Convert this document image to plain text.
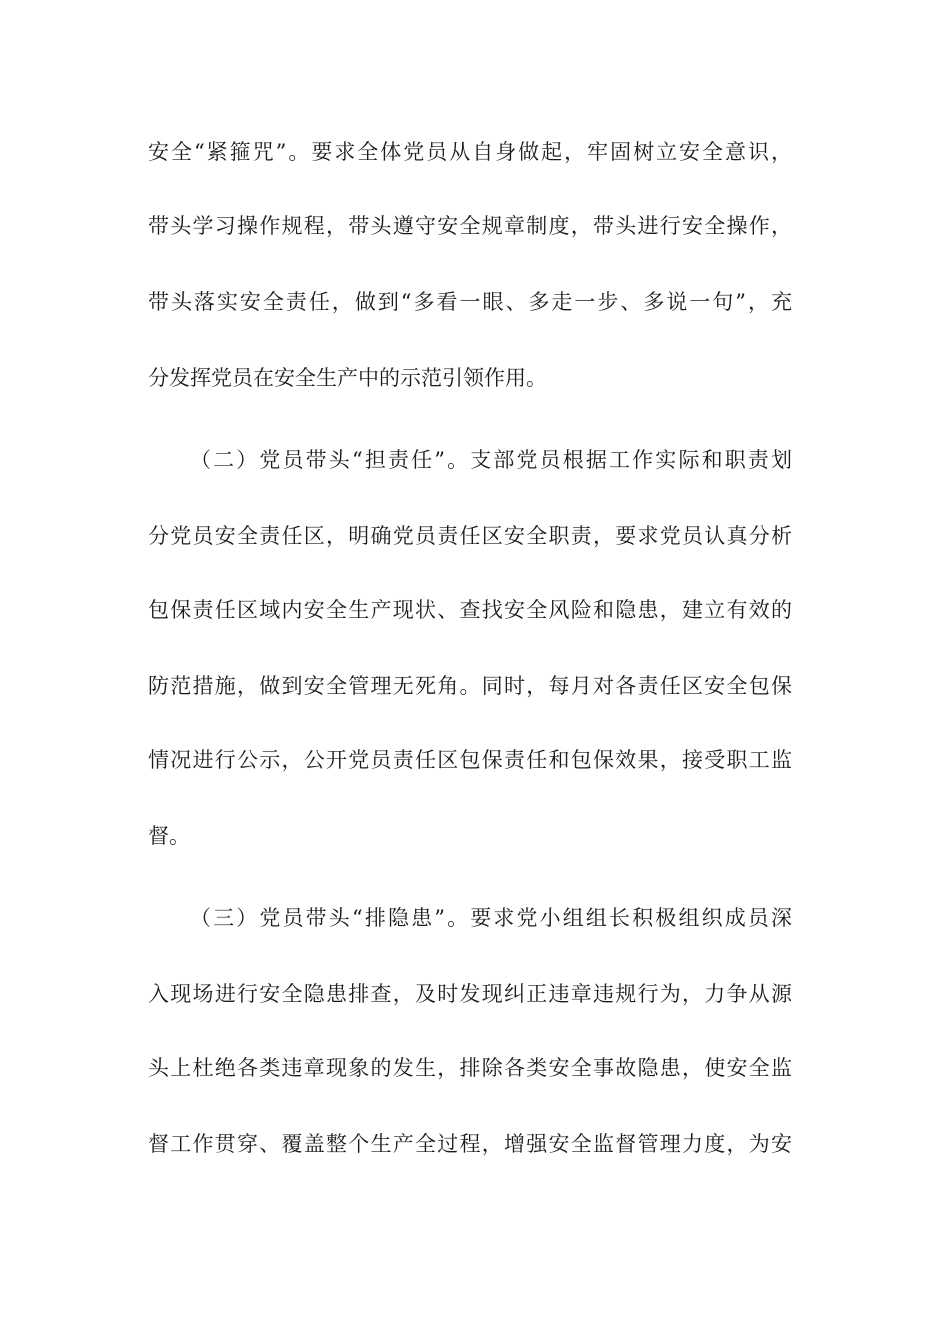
安全“紧箍咒”。要求全体党员从自身做起，牢固树立安全意识，
带头学习操作规程，带头遵守安全规章制度，带头进行安全操作，
带头落实安全责任，做到“多看一眼、多走一步、多说一句”，充
分发挥党员在安全生产中的示范引领作用。
（二）党员带头“担责任”。支部党员根据工作实际和职责划
分党员安全责任区，明确党员责任区安全职责，要求党员认真分析
包保责任区域内安全生产现状、查找安全风险和隐患，建立有效的
防范措施，做到安全管理无死角。同时，每月对各责任区安全包保
情况进行公示，公开党员责任区包保责任和包保效果，接受职工监
督。
（三）党员带头“排隐患”。要求党小组组长积极组织成员深
入现场进行安全隐患排查，及时发现纠正违章违规行为，力争从源
头上杜绝各类违章现象的发生，排除各类安全事故隐患，使安全监
督工作贯穿、覆盖整个生产全过程，增强安全监督管理力度，为安
